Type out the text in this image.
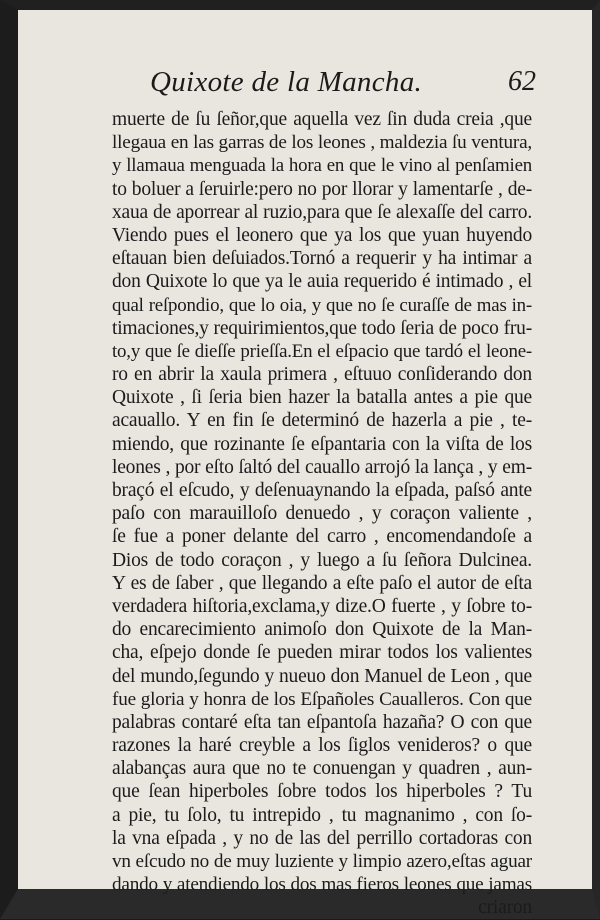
Quixote de la Mancha.	62
muerte de ſu ſeñor,que aquella vez ſin duda creia ,que
llegaua en las garras de los leones , maldezia ſu ventura,
y llamaua menguada la hora en que le vino al penſamien
to boluer a ſeruirle:pero no por llorar y lamentarſe , de-
xaua de aporrear al ruzio,para que ſe alexaſſe del carro.
Viendo pues el leonero que ya los que yuan huyendo
eſtauan bien deſuiados.Tornó a requerir y ha intimar a
don Quixote lo que ya le auia requerido é intimado , el
qual reſpondio, que lo oia, y que no ſe curaſſe de mas in-
timaciones,y requirimientos,que todo ſeria de poco fru-
to,y que ſe dieſſe prieſſa.En el eſpacio que tardó el leone-
ro en abrir la xaula primera , eſtuuo conſiderando don
Quixote , ſi ſeria bien hazer la batalla antes a pie que
acauallo. Y en fin ſe determinó de hazerla a pie , te-
miendo, que rozinante ſe eſpantaria con la viſta de los
leones , por eſto ſaltó del cauallo arrojó la lança , y em-
braçó el eſcudo, y deſenuaynando la eſpada, paſsó ante
paſo con marauilloſo denuedo , y coraçon valiente ,
ſe fue a poner delante del carro , encomendandoſe a
Dios de todo coraçon , y luego a ſu ſeñora Dulcinea.
Y es de ſaber , que llegando a eſte paſo el autor de eſta
verdadera hiſtoria,exclama,y dize.O fuerte , y ſobre to-
do encarecimiento animoſo don Quixote de la Man-
cha, eſpejo donde ſe pueden mirar todos los valientes
del mundo,ſegundo y nueuo don Manuel de Leon , que
fue gloria y honra de los Eſpañoles Caualleros. Con que
palabras contaré eſta tan eſpantoſa hazaña? O con que
razones la haré creyble a los ſiglos venideros? o que
alabanças aura que no te conuengan y quadren , aun-
que ſean hiperboles ſobre todos los hiperboles ? Tu
a pie, tu ſolo, tu intrepido , tu magnanimo , con ſo-
la vna eſpada , y no de las del perrillo cortadoras con
vn eſcudo no de muy luziente y limpio azero,eſtas aguar
dando y atendiendo los dos mas fieros leones que jamas
criaron
